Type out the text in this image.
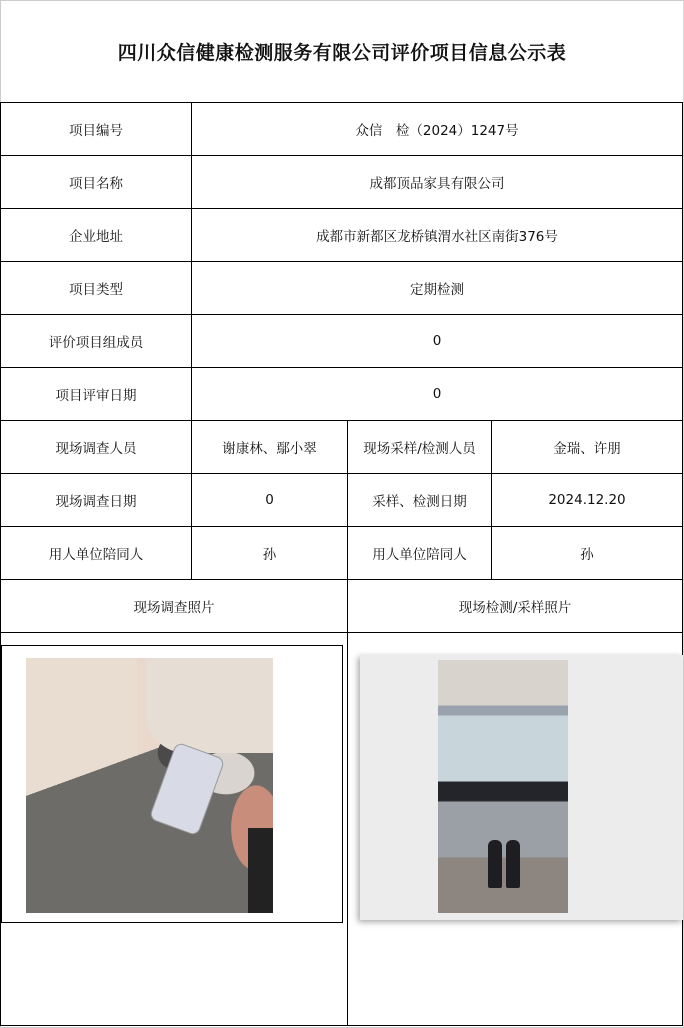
四川众信健康检测服务有限公司评价项目信息公示表
项目编号	众信　检（2024）1247号
项目名称	成都顶品家具有限公司
企业地址	成都市新都区龙桥镇渭水社区南街376号
项目类型	定期检测
评价项目组成员	0
项目评审日期	0
现场调查人员	谢康林、鄢小翠	现场采样/检测人员	金瑞、许朋
现场调查日期	0	采样、检测日期	2024.12.20
用人单位陪同人	孙	用人单位陪同人	孙
现场调查照片	现场检测/采样照片
